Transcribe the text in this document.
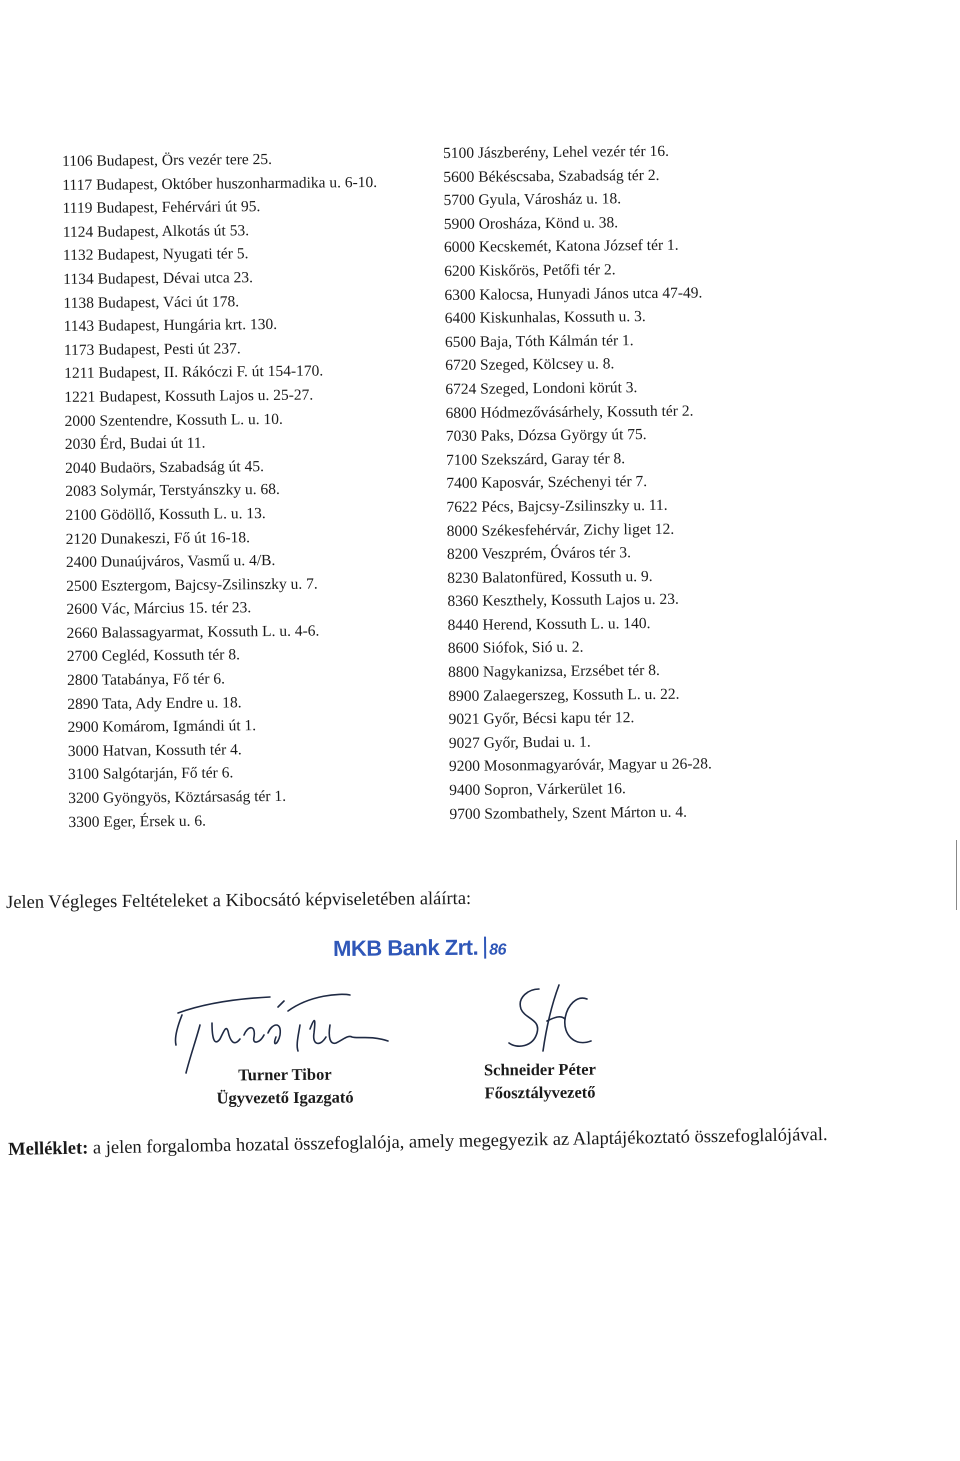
1106 Budapest, Örs vezér tere 25.
1117 Budapest, Október huszonharmadika u. 6-10.
1119 Budapest, Fehérvári út 95.
1124 Budapest, Alkotás út 53.
1132 Budapest, Nyugati tér 5.
1134 Budapest, Dévai utca 23.
1138 Budapest, Váci út 178.
1143 Budapest, Hungária krt. 130.
1173 Budapest, Pesti út 237.
1211 Budapest, II. Rákóczi F. út 154-170.
1221 Budapest, Kossuth Lajos u. 25-27.
2000 Szentendre, Kossuth L. u. 10.
2030 Érd, Budai út 11.
2040 Budaörs, Szabadság út 45.
2083 Solymár, Terstyánszky u. 68.
2100 Gödöllő, Kossuth L. u. 13.
2120 Dunakeszi, Fő út 16-18.
2400 Dunaújváros, Vasmű u. 4/B.
2500 Esztergom, Bajcsy-Zsilinszky u. 7.
2600 Vác, Március 15. tér 23.
2660 Balassagyarmat, Kossuth L. u. 4-6.
2700 Cegléd, Kossuth tér 8.
2800 Tatabánya, Fő tér 6.
2890 Tata, Ady Endre u. 18.
2900 Komárom, Igmándi út 1.
3000 Hatvan, Kossuth tér 4.
3100 Salgótarján, Fő tér 6.
3200 Gyöngyös, Köztársaság tér 1.
3300 Eger, Érsek u. 6.
5100 Jászberény, Lehel vezér tér 16.
5600 Békéscsaba, Szabadság tér 2.
5700 Gyula, Városház u. 18.
5900 Orosháza, Könd u. 38.
6000 Kecskemét, Katona József tér 1.
6200 Kiskőrös, Petőfi tér 2.
6300 Kalocsa, Hunyadi János utca 47-49.
6400 Kiskunhalas, Kossuth u. 3.
6500 Baja, Tóth Kálmán tér 1.
6720 Szeged, Kölcsey u. 8.
6724 Szeged, Londoni körút 3.
6800 Hódmezővásárhely, Kossuth tér 2.
7030 Paks, Dózsa György út 75.
7100 Szekszárd, Garay tér 8.
7400 Kaposvár, Széchenyi tér 7.
7622 Pécs, Bajcsy-Zsilinszky u. 11.
8000 Székesfehérvár, Zichy liget 12.
8200 Veszprém, Óváros tér 3.
8230 Balatonfüred, Kossuth u. 9.
8360 Keszthely, Kossuth Lajos u. 23.
8440 Herend, Kossuth L. u. 140.
8600 Siófok, Sió u. 2.
8800 Nagykanizsa, Erzsébet tér 8.
8900 Zalaegerszeg, Kossuth L. u. 22.
9021 Győr, Bécsi kapu tér 12.
9027 Győr, Budai u. 1.
9200 Mosonmagyaróvár, Magyar u 26-28.
9400 Sopron, Várkerület 16.
9700 Szombathely, Szent Márton u. 4.
Jelen Végleges Feltételeket a Kibocsátó képviseletében aláírta:
MKB Bank Zrt. 86
Turner Tibor
Ügyvezető Igazgató
Schneider Péter
Főosztályvezető
Melléklet: a jelen forgalomba hozatal összefoglalója, amely megegyezik az Alaptájékoztató összefoglalójával.
